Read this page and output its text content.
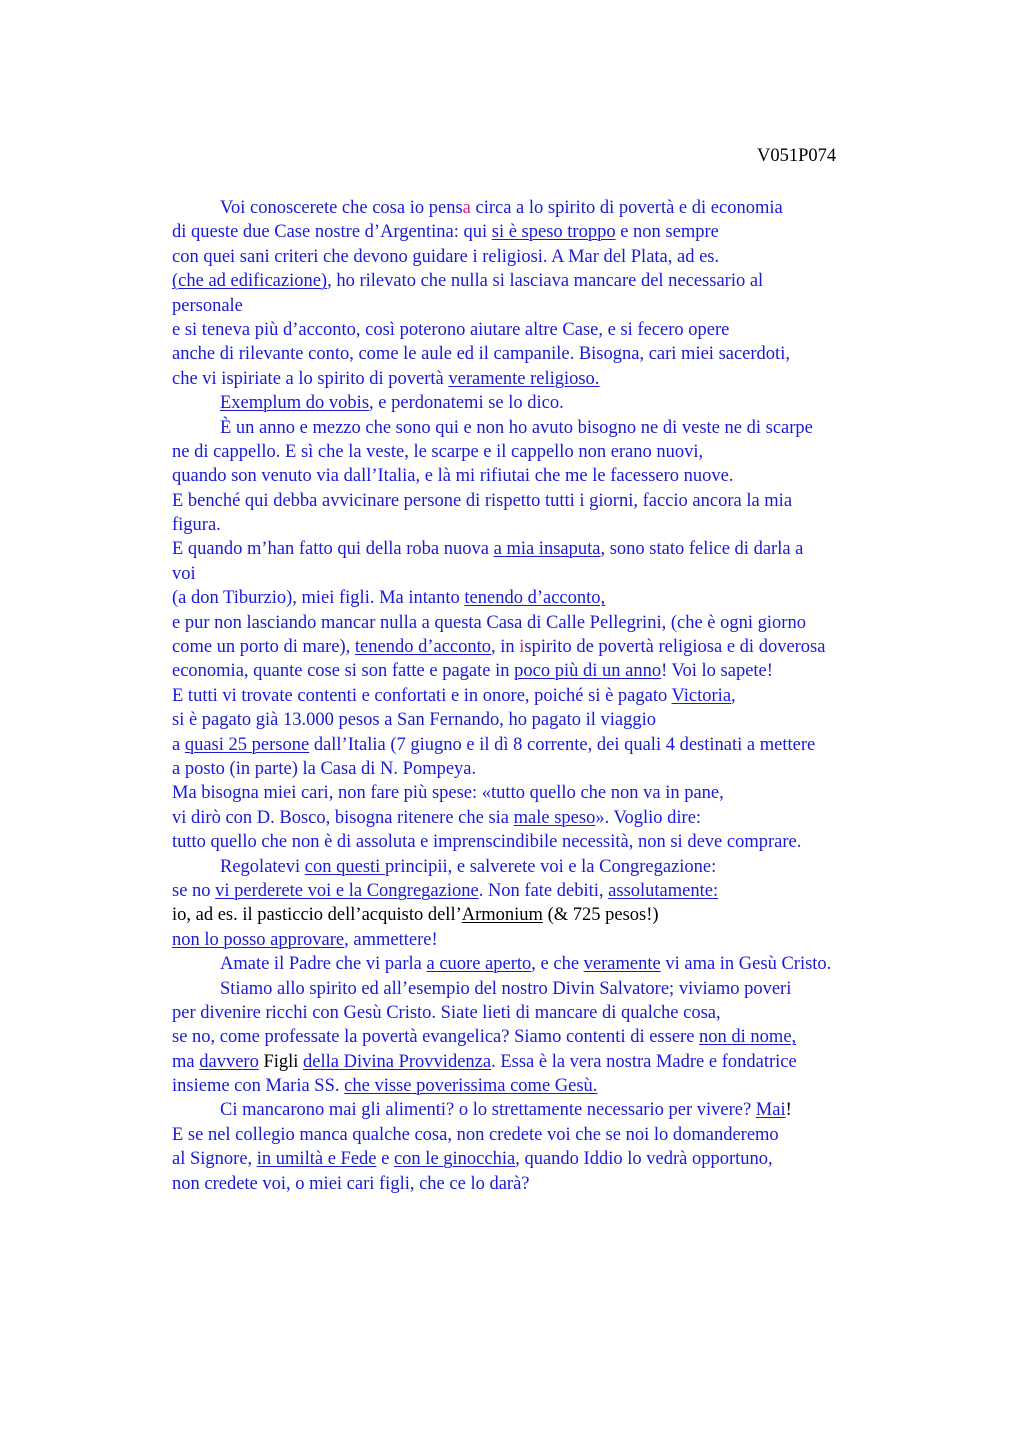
V051P074

Voi conoscerete che cosa io pensa circa a lo spirito di povertà e di economia
di queste due Case nostre d’Argentina: qui si è speso troppo e non sempre
con quei sani criteri che devono guidare i religiosi. A Mar del Plata, ad es.
(che ad edificazione), ho rilevato che nulla si lasciava mancare del necessario al
personale
e si teneva più d’acconto, così poterono aiutare altre Case, e si fecero opere
anche di rilevante conto, come le aule ed il campanile. Bisogna, cari miei sacerdoti,
che vi ispiriate a lo spirito di povertà veramente religioso.
Exemplum do vobis, e perdonatemi se lo dico.
È un anno e mezzo che sono qui e non ho avuto bisogno ne di veste ne di scarpe
ne di cappello. E sì che la veste, le scarpe e il cappello non erano nuovi,
quando son venuto via dall’Italia, e là mi rifiutai che me le facessero nuove.
E benché qui debba avvicinare persone di rispetto tutti i giorni, faccio ancora la mia
figura.
E quando m’han fatto qui della roba nuova a mia insaputa, sono stato felice di darla a
voi
(a don Tiburzio), miei figli. Ma intanto tenendo d’acconto,
e pur non lasciando mancar nulla a questa Casa di Calle Pellegrini, (che è ogni giorno
come un porto di mare), tenendo d’acconto, in ispirito de povertà religiosa e di doverosa
economia, quante cose si son fatte e pagate in poco più di un anno! Voi lo sapete!
E tutti vi trovate contenti e confortati e in onore, poiché si è pagato Victoria,
si è pagato già 13.000 pesos a San Fernando, ho pagato il viaggio
a quasi 25 persone dall’Italia (7 giugno e il dì 8 corrente, dei quali 4 destinati a mettere
a posto (in parte) la Casa di N. Pompeya.
Ma bisogna miei cari, non fare più spese: «tutto quello che non va in pane,
vi dirò con D. Bosco, bisogna ritenere che sia male speso». Voglio dire:
tutto quello che non è di assoluta e imprenscindibile necessità, non si deve comprare.
Regolatevi con questi principii, e salverete voi e la Congregazione:
se no vi perderete voi e la Congregazione. Non fate debiti, assolutamente:
io, ad es. il pasticcio dell’acquisto dell’Armonium (& 725 pesos!)
non lo posso approvare, ammettere!
Amate il Padre che vi parla a cuore aperto, e che veramente vi ama in Gesù Cristo.
Stiamo allo spirito ed all’esempio del nostro Divin Salvatore; viviamo poveri
per divenire ricchi con Gesù Cristo. Siate lieti di mancare di qualche cosa,
se no, come professate la povertà evangelica? Siamo contenti di essere non di nome,
ma davvero Figli della Divina Provvidenza. Essa è la vera nostra Madre e fondatrice
insieme con Maria SS. che visse poverissima come Gesù.
Ci mancarono mai gli alimenti? o lo strettamente necessario per vivere? Mai!
E se nel collegio manca qualche cosa, non credete voi che se noi lo domanderemo
al Signore, in umiltà e Fede e con le ginocchia, quando Iddio lo vedrà opportuno,
non credete voi, o miei cari figli, che ce lo darà?
